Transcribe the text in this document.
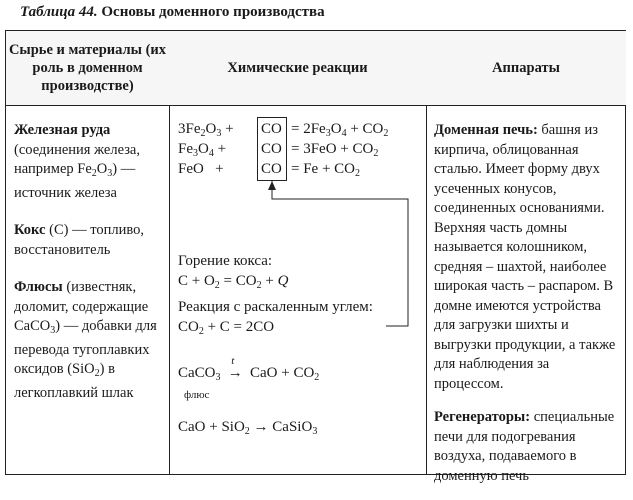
Таблица 44. Основы доменного производства
Сырье и материалы (их роль в доменном производстве)
Химические реакции	Аппараты
Железная руда
(соединения железа, например $Fe_2O_3$) — источник железа
Кокс (С) — топливо, восстановитель
Флюсы (известняк, доломит, содержащие CaCO$_3$) — добавки для перевода тугоплавких оксидов (SiO$_2$) в легкоплавкий шлак
$3Fe_2O_3$ +
$Fe_3O_4$ +
FeO +
CO
CO
CO
= $2Fe_3O_4 + CO_2$
= $3FeO + CO_2$
= $Fe + CO_2$
Горение кокса:
$C + O_2 = CO_2 + Q$
Реакция с раскаленным углем:
$CO_2 + C = 2CO$
CaCO$_3$
t
→ CaO + $CO_2$
флюс
CaO + SiO$_2$ → CaSiO$_3$
Доменная печь: башня из кирпича, облицованная сталью. Имеет форму двух усеченных конусов, соединенных основаниями. Верхняя часть домны называется колошником, средняя – шахтой, наиболее широкая часть – распаром. В домне имеются устройства для загрузки шихты и выгрузки продукции, а также для наблюдения за процессом.
Регенераторы: специальные печи для подогревания воздуха, подаваемого в доменную печь
